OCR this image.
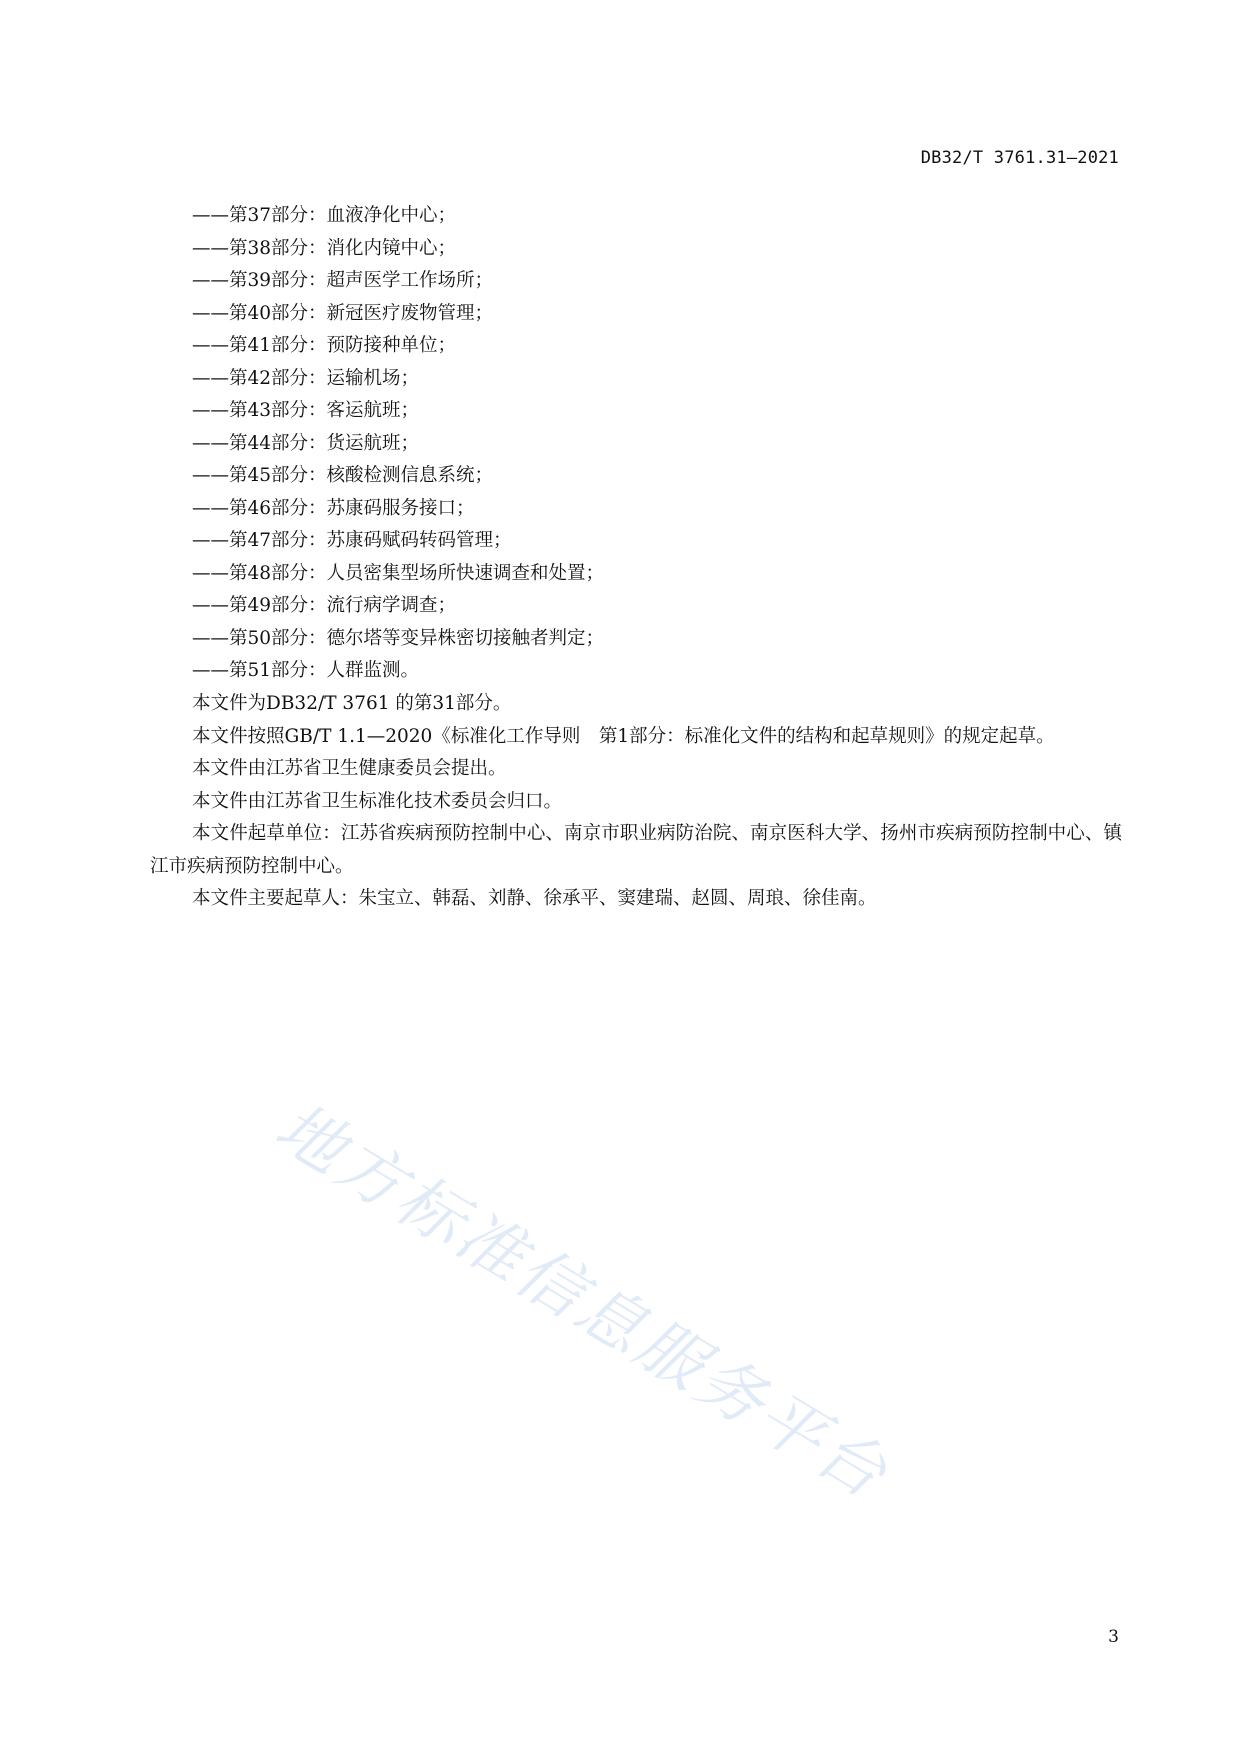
DB32/T 3761.31—2021
——第37部分：血液净化中心；
——第38部分：消化内镜中心；
——第39部分：超声医学工作场所；
——第40部分：新冠医疗废物管理；
——第41部分：预防接种单位；
——第42部分：运输机场；
——第43部分：客运航班；
——第44部分：货运航班；
——第45部分：核酸检测信息系统；
——第46部分：苏康码服务接口；
——第47部分：苏康码赋码转码管理；
——第48部分：人员密集型场所快速调查和处置；
——第49部分：流行病学调查；
——第50部分：德尔塔等变异株密切接触者判定；
——第51部分：人群监测。

本文件为DB32/T 3761 的第31部分。

本文件按照GB/T 1.1—2020《标准化工作导则　第1部分：标准化文件的结构和起草规则》的规定起草。

本文件由江苏省卫生健康委员会提出。

本文件由江苏省卫生标准化技术委员会归口。

本文件起草单位：江苏省疾病预防控制中心、南京市职业病防治院、南京医科大学、扬州市疾病预防控制中心、镇江市疾病预防控制中心。

本文件主要起草人：朱宝立、韩磊、刘静、徐承平、窦建瑞、赵圆、周琅、徐佳南。

地方标准信息服务平台
3
